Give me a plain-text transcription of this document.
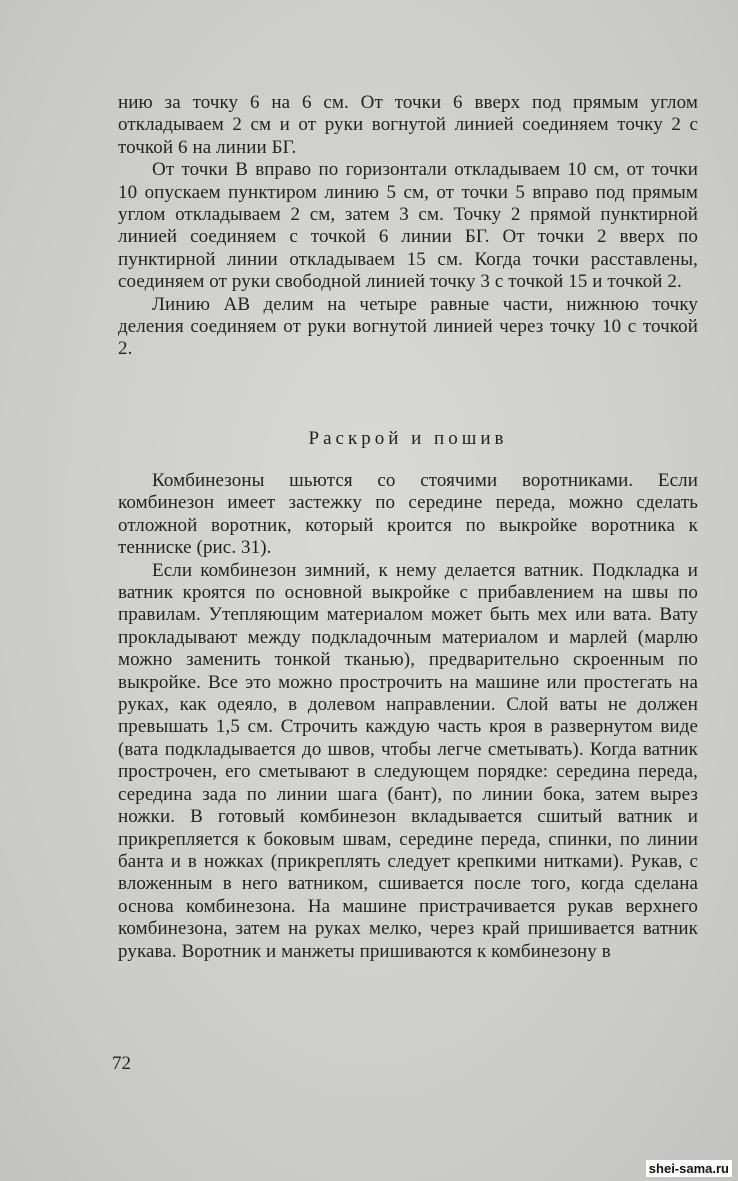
нию за точку 6 на 6 см. От точки 6 вверх под прямым углом откладываем 2 см и от руки вогнутой линией соединяем точку 2 с точкой 6 на линии БГ.

От точки В вправо по горизонтали откладываем 10 см, от точки 10 опускаем пунктиром линию 5 см, от точки 5 вправо под прямым углом откладываем 2 см, затем 3 см. Точку 2 прямой пунктирной линией соединяем с точкой 6 линии БГ. От точки 2 вверх по пунктирной линии откладываем 15 см. Когда точки расставлены, соединяем от руки свободной линией точку 3 с точкой 15 и точкой 2.

Линию АВ делим на четыре равные части, нижнюю точку деления соединяем от руки вогнутой линией через точку 10 с точкой 2.

Раскрой и пошив

Комбинезоны шьются со стоячими воротниками. Если комбинезон имеет застежку по середине переда, можно сделать отложной воротник, который кроится по выкройке воротника к тенниске (рис. 31).

Если комбинезон зимний, к нему делается ватник. Подкладка и ватник кроятся по основной выкройке с прибавлением на швы по правилам. Утепляющим материалом может быть мех или вата. Вату прокладывают между подкладочным материалом и марлей (марлю можно заменить тонкой тканью), предварительно скроенным по выкройке. Все это можно прострочить на машине или простегать на руках, как одеяло, в долевом направлении. Слой ваты не должен превышать 1,5 см. Строчить каждую часть кроя в развернутом виде (вата подкладывается до швов, чтобы легче сметывать). Когда ватник прострочен, его сметывают в следующем порядке: середина переда, середина зада по линии шага (бант), по линии бока, затем вырез ножки. В готовый комбинезон вкладывается сшитый ватник и прикрепляется к боковым швам, середине переда, спинки, по линии банта и в ножках (прикреплять следует крепкими нитками). Рукав, с вложенным в него ватником, сшивается после того, когда сделана основа комбинезона. На машине пристрачивается рукав верхнего комбинезона, затем на руках мелко, через край пришивается ватник рукава. Воротник и манжеты пришиваются к комбинезону в

72
shei-sama.ru
